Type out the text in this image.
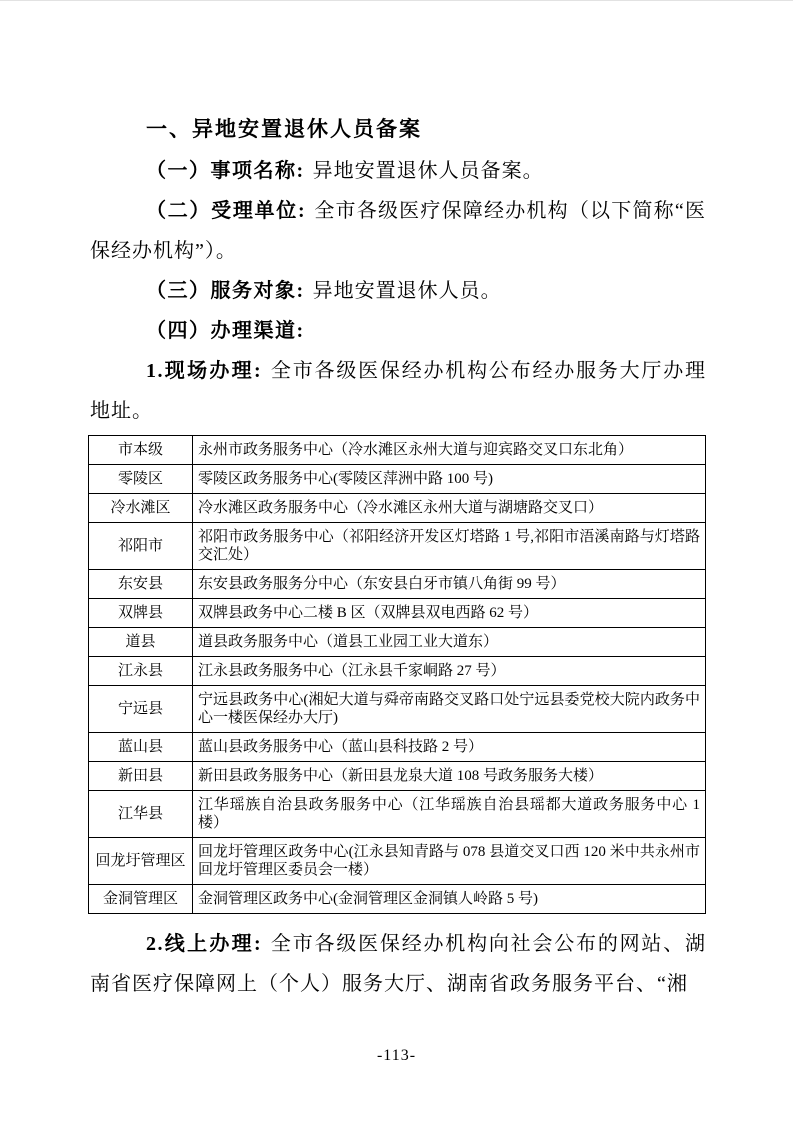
一、异地安置退休人员备案

（一）事项名称: 异地安置退休人员备案。

（二）受理单位: 全市各级医疗保障经办机构（以下简称“医保经办机构”）。

（三）服务对象: 异地安置退休人员。

（四）办理渠道:

1.现场办理: 全市各级医保经办机构公布经办服务大厅办理地址。

市本级	永州市政务服务中心（冷水滩区永州大道与迎宾路交叉口东北角）
零陵区	零陵区政务服务中心(零陵区萍洲中路 100 号)
冷水滩区	冷水滩区政务服务中心（冷水滩区永州大道与湖塘路交叉口）
祁阳市	祁阳市政务服务中心（祁阳经济开发区灯塔路 1 号,祁阳市浯溪南路与灯塔路交汇处）
东安县	东安县政务服务分中心（东安县白牙市镇八角街 99 号）
双牌县	双牌县政务中心二楼 B 区（双牌县双电西路 62 号）
道县	道县政务服务中心（道县工业园工业大道东）
江永县	江永县政务服务中心（江永县千家峒路 27 号）
宁远县	宁远县政务中心(湘妃大道与舜帝南路交叉路口处宁远县委党校大院内政务中心一楼医保经办大厅)
蓝山县	蓝山县政务服务中心（蓝山县科技路 2 号）
新田县	新田县政务服务中心（新田县龙泉大道 108 号政务服务大楼）
江华县	江华瑶族自治县政务服务中心（江华瑶族自治县瑶都大道政务服务中心 1 楼）
回龙圩管理区	回龙圩管理区政务中心(江永县知青路与 078 县道交叉口西 120 米中共永州市回龙圩管理区委员会一楼）
金洞管理区	金洞管理区政务中心(金洞管理区金洞镇人岭路 5 号)

2.线上办理: 全市各级医保经办机构向社会公布的网站、湖南省医疗保障网上（个人）服务大厅、湖南省政务服务平台、“湘

-113-
